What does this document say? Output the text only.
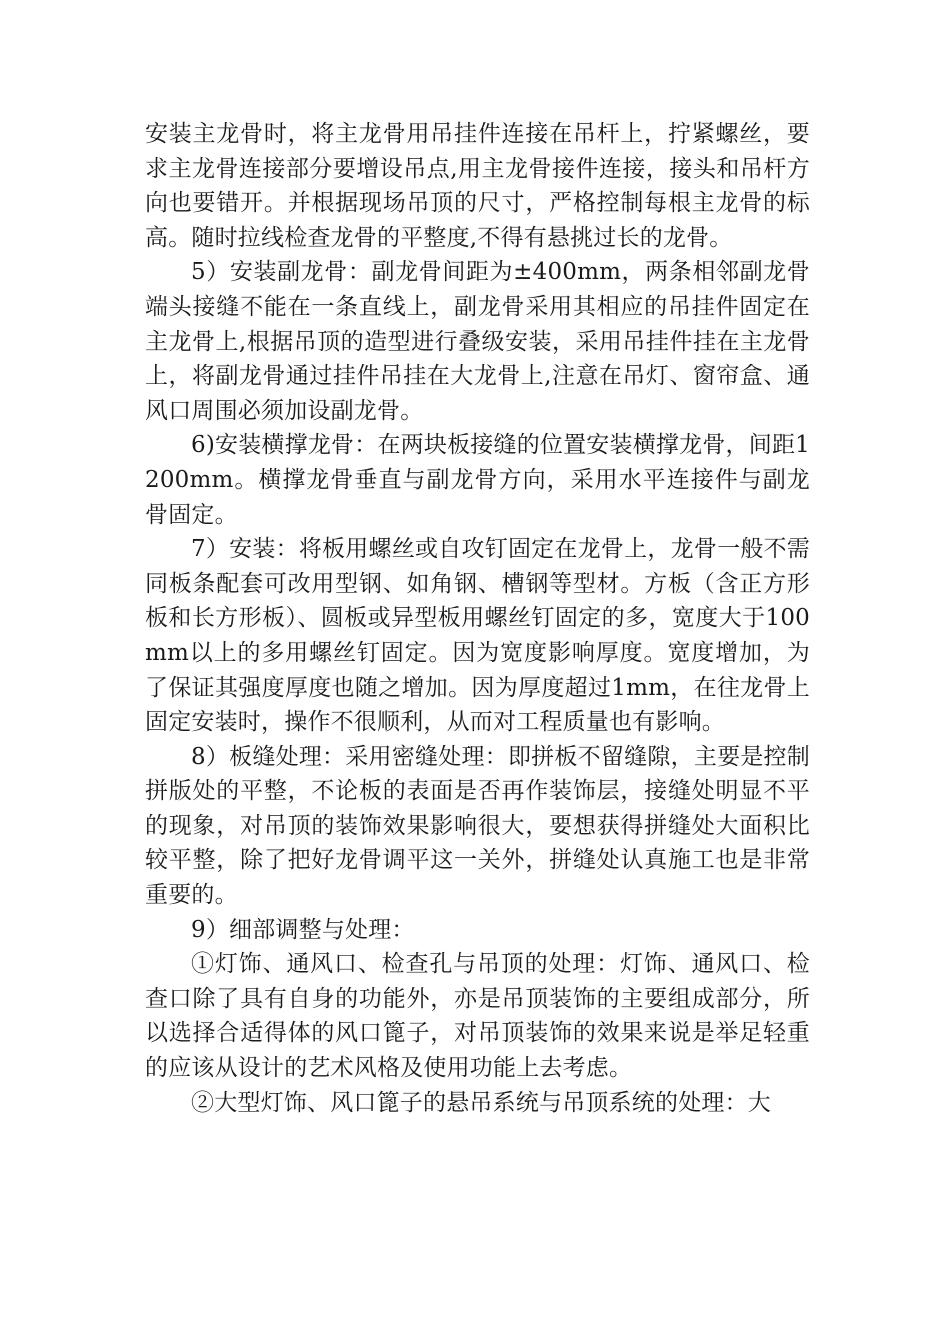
安装主龙骨时，将主龙骨用吊挂件连接在吊杆上，拧紧螺丝，要求主龙骨连接部分要增设吊点,用主龙骨接件连接，接头和吊杆方向也要错开。并根据现场吊顶的尺寸，严格控制每根主龙骨的标高。随时拉线检查龙骨的平整度,不得有悬挑过长的龙骨。

5）安装副龙骨：副龙骨间距为±400mm，两条相邻副龙骨端头接缝不能在一条直线上，副龙骨采用其相应的吊挂件固定在主龙骨上,根据吊顶的造型进行叠级安装，采用吊挂件挂在主龙骨上，将副龙骨通过挂件吊挂在大龙骨上,注意在吊灯、窗帘盒、通风口周围必须加设副龙骨。

6)安装横撑龙骨：在两块板接缝的位置安装横撑龙骨，间距1200mm。横撑龙骨垂直与副龙骨方向，采用水平连接件与副龙骨固定。

7）安装：将板用螺丝或自攻钉固定在龙骨上，龙骨一般不需同板条配套可改用型钢、如角钢、槽钢等型材。方板（含正方形板和长方形板）、圆板或异型板用螺丝钉固定的多，宽度大于100mm以上的多用螺丝钉固定。因为宽度影响厚度。宽度增加，为了保证其强度厚度也随之增加。因为厚度超过1mm，在往龙骨上固定安装时，操作不很顺利，从而对工程质量也有影响。

8）板缝处理：采用密缝处理：即拼板不留缝隙，主要是控制拼版处的平整，不论板的表面是否再作装饰层，接缝处明显不平的现象，对吊顶的装饰效果影响很大，要想获得拼缝处大面积比较平整，除了把好龙骨调平这一关外，拼缝处认真施工也是非常重要的。

9）细部调整与处理：

①灯饰、通风口、检查孔与吊顶的处理：灯饰、通风口、检查口除了具有自身的功能外，亦是吊顶装饰的主要组成部分，所以选择合适得体的风口篦子，对吊顶装饰的效果来说是举足轻重的应该从设计的艺术风格及使用功能上去考虑。

②大型灯饰、风口篦子的悬吊系统与吊顶系统的处理：大
